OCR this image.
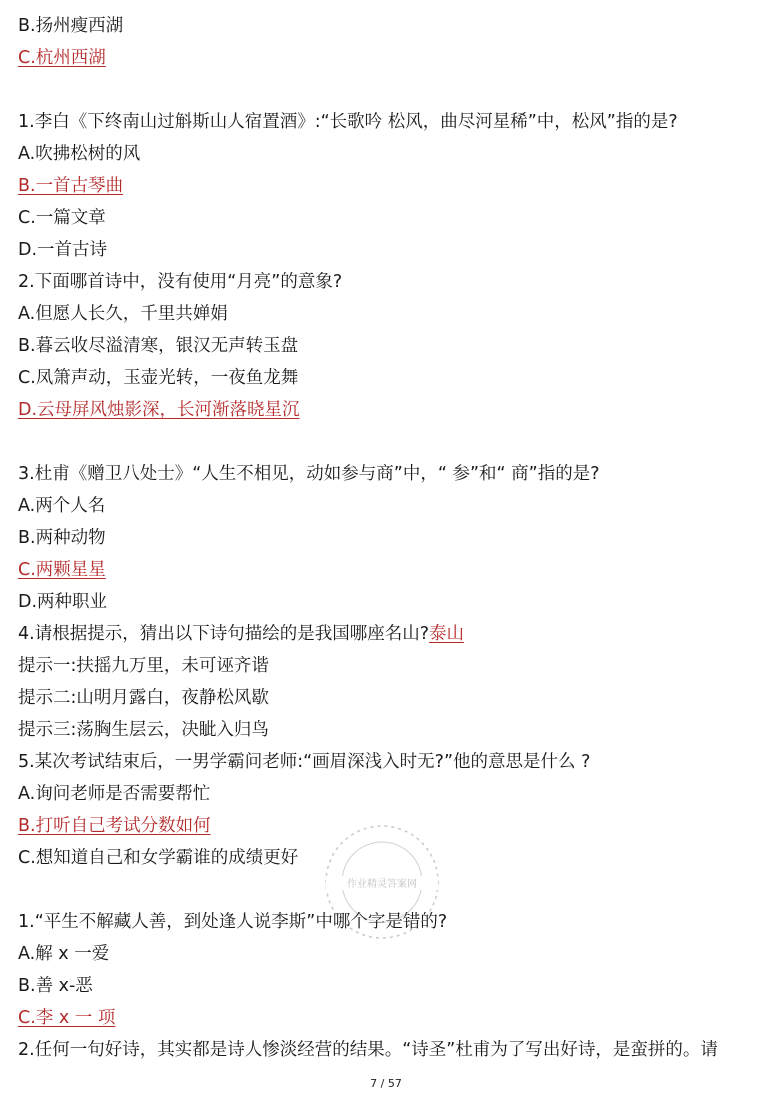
B.扬州瘦西湖
C.杭州西湖
1.李白《下终南山过斛斯山人宿置酒》:“长歌吟 松风，曲尽河星稀”中，松风”指的是?
A.吹拂松树的风
B.一首古琴曲
C.一篇文章
D.一首古诗
2.下面哪首诗中，没有使用“月亮”的意象?
A.但愿人长久，千里共婵娟
B.暮云收尽溢清寒，银汉无声转玉盘
C.凤箫声动，玉壶光转，一夜鱼龙舞
D.云母屏风烛影深，长河渐落晓星沉
3.杜甫《赠卫八处士》“人生不相见，动如参与商”中，“ 参”和“ 商”指的是?
A.两个人名
B.两种动物
C.两颗星星
D.两种职业
4.请根据提示，猜出以下诗句描绘的是我国哪座名山?泰山
提示一:扶摇九万里，未可诬齐谐
提示二:山明月露白，夜静松风歇
提示三:荡胸生层云，决眦入归鸟
5.某次考试结束后，一男学霸问老师:“画眉深浅入时无?”他的意思是什么 ?
A.询问老师是否需要帮忙
B.打听自己考试分数如何
C.想知道自己和女学霸谁的成绩更好
1.“平生不解藏人善，到处逢人说李斯”中哪个字是错的?
A.解 x 一爱
B.善 x-恶
C.李 x 一 项
2.任何一句好诗，其实都是诗人惨淡经营的结果。“诗圣”杜甫为了写出好诗，是蛮拼的。请
作业精灵答案网
7 / 57
